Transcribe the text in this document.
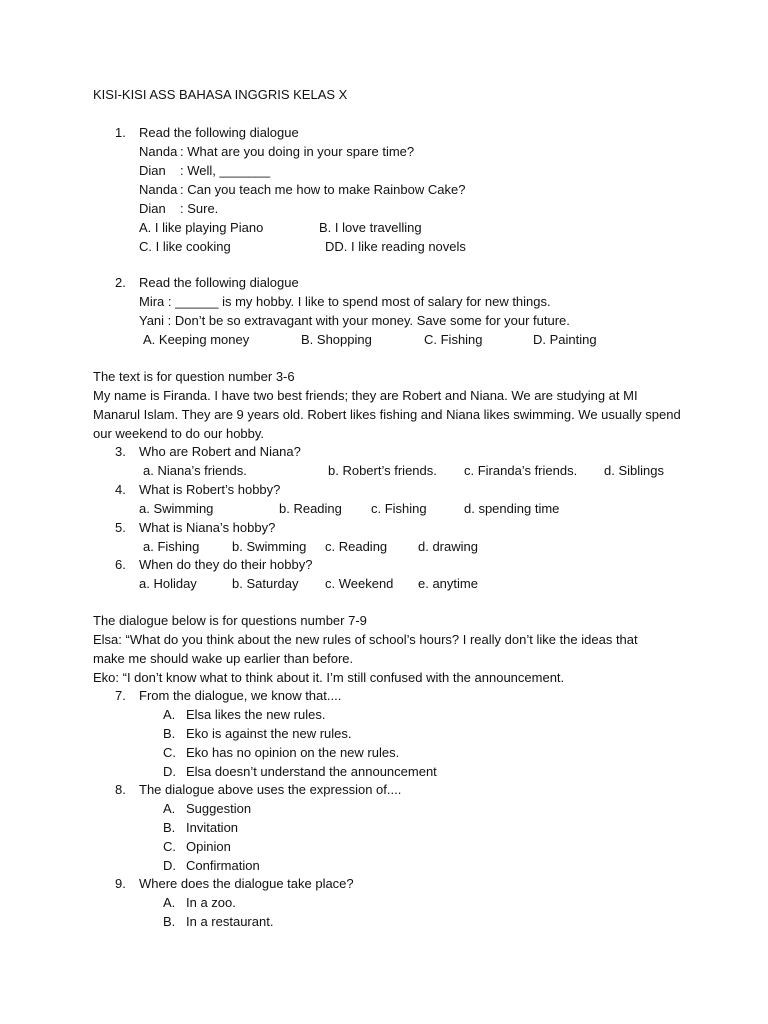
KISI-KISI ASS BAHASA INGGRIS KELAS X
1. Read the following dialogue
Nanda : What are you doing in your spare time?
Dian : Well, _______
Nanda : Can you teach me how to make Rainbow Cake?
Dian : Sure.
A. I like playing Piano	B. I love travelling
C. I like cooking	DD. I like reading novels
2. Read the following dialogue
Mira : ______ is my hobby. I like to spend most of salary for new things.
Yani : Don’t be so extravagant with your money. Save some for your future.
A. Keeping money	B. Shopping	C. Fishing	D. Painting
The text is for question number 3-6
My name is Firanda. I have two best friends; they are Robert and Niana. We are studying at MI
Manarul Islam. They are 9 years old. Robert likes fishing and Niana likes swimming. We usually spend
our weekend to do our hobby.
3. Who are Robert and Niana?
a. Niana’s friends.	b. Robert’s friends. c. Firanda’s friends. d. Siblings
4. What is Robert’s hobby?
a. Swimming	b. Reading c. Fishing	d. spending time
5. What is Niana’s hobby?
a. Fishing	b. Swimming c. Reading d. drawing
6. When do they do their hobby?
a. Holiday	b. Saturday c. Weekend e. anytime
The dialogue below is for questions number 7-9
Elsa: “What do you think about the new rules of school’s hours? I really don’t like the ideas that
make me should wake up earlier than before.
Eko: “I don’t know what to think about it. I’m still confused with the announcement.
7. From the dialogue, we know that....
A. Elsa likes the new rules.
B. Eko is against the new rules.
C. Eko has no opinion on the new rules.
D. Elsa doesn’t understand the announcement
8. The dialogue above uses the expression of....
A. Suggestion
B. Invitation
C. Opinion
D. Confirmation
9. Where does the dialogue take place?
A. In a zoo.
B. In a restaurant.
